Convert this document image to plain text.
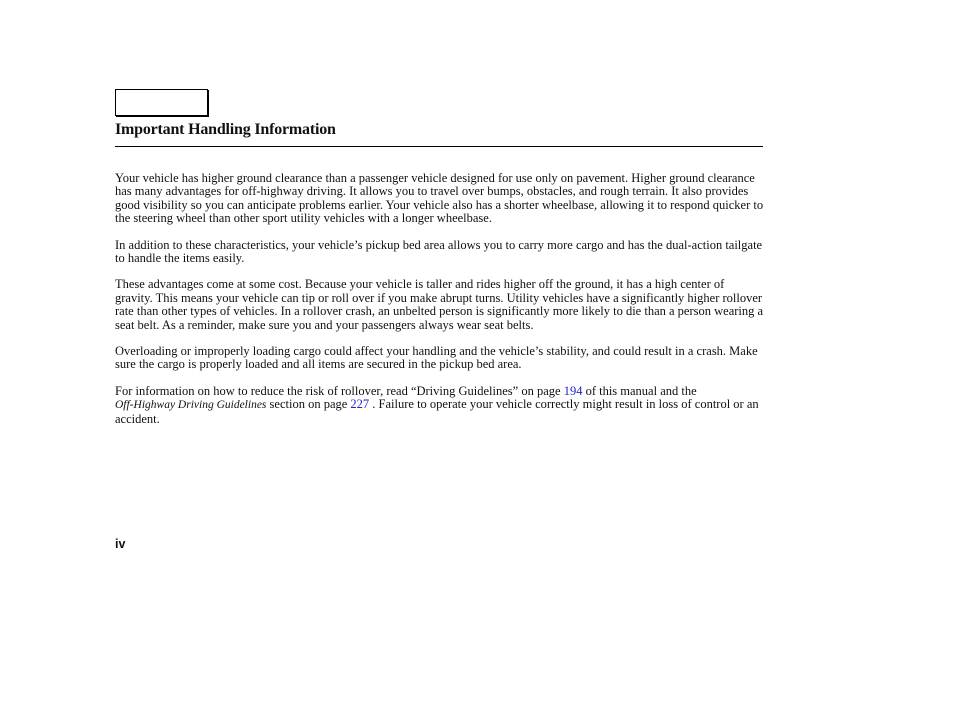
Important Handling Information

Your vehicle has higher ground clearance than a passenger vehicle designed for use only on pavement. Higher ground clearance has many advantages for off-highway driving. It allows you to travel over bumps, obstacles, and rough terrain. It also provides good visibility so you can anticipate problems earlier. Your vehicle also has a shorter wheelbase, allowing it to respond quicker to the steering wheel than other sport utility vehicles with a longer wheelbase.

In addition to these characteristics, your vehicle’s pickup bed area allows you to carry more cargo and has the dual-action tailgate to handle the items easily.

These advantages come at some cost. Because your vehicle is taller and rides higher off the ground, it has a high center of gravity. This means your vehicle can tip or roll over if you make abrupt turns. Utility vehicles have a significantly higher rollover rate than other types of vehicles. In a rollover crash, an unbelted person is significantly more likely to die than a person wearing a seat belt. As a reminder, make sure you and your passengers always wear seat belts.

Overloading or improperly loading cargo could affect your handling and the vehicle’s stability, and could result in a crash. Make sure the cargo is properly loaded and all items are secured in the pickup bed area.

For information on how to reduce the risk of rollover, read “Driving Guidelines” on page 194 of this manual and the
Off-Highway Driving Guidelines section on page 227 . Failure to operate your vehicle correctly might result in loss of control or an accident.

iv
